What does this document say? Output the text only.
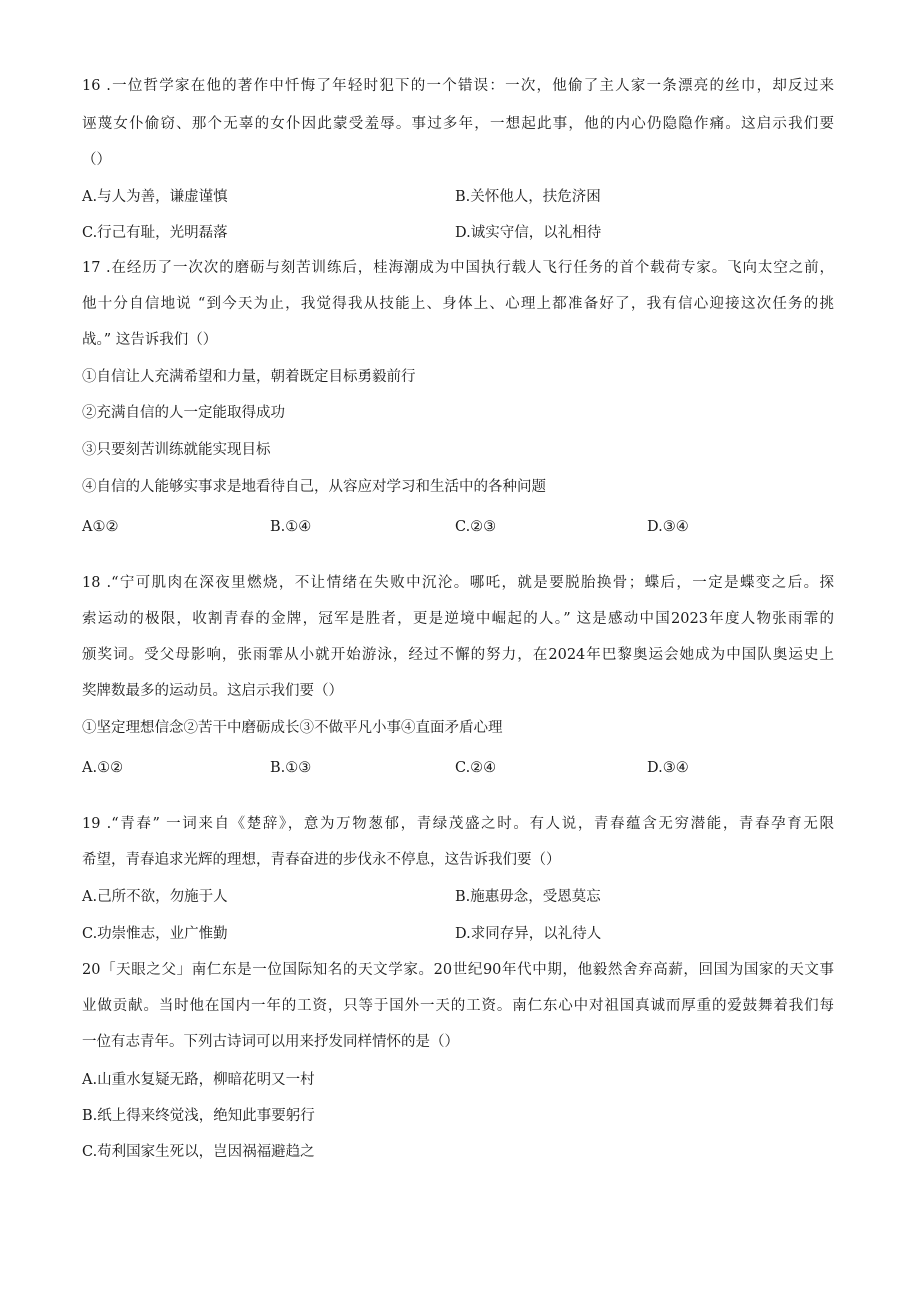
16 .一位哲学家在他的著作中忏悔了年轻时犯下的一个错误：一次，他偷了主人家一条漂亮的丝巾，却反过来
诬蔑女仆偷窃、那个无辜的女仆因此蒙受羞辱。事过多年，一想起此事，他的内心仍隐隐作痛。这启示我们要
（）
A.与人为善，谦虚谨慎	B.关怀他人，扶危济困
C.行己有耻，光明磊落	D.诚实守信，以礼相待
17 .在经历了一次次的磨砺与刻苦训练后，桂海潮成为中国执行载人飞行任务的首个载荷专家。飞向太空之前，
他十分自信地说 “到今天为止，我觉得我从技能上、身体上、心理上都准备好了，我有信心迎接这次任务的挑
战。” 这告诉我们（）
①自信让人充满希望和力量，朝着既定目标勇毅前行
②充满自信的人一定能取得成功
③只要刻苦训练就能实现目标
④自信的人能够实事求是地看待自己，从容应对学习和生活中的各种问题
A①②	B.①④	C.②③	D.③④
18 .“宁可肌肉在深夜里燃烧，不让情绪在失败中沉沦。哪吒，就是要脱胎换骨；蝶后，一定是蝶变之后。探
索运动的极限，收割青春的金牌，冠军是胜者，更是逆境中崛起的人。” 这是感动中国2023年度人物张雨霏的
颁奖词。受父母影响，张雨霏从小就开始游泳，经过不懈的努力，在2024年巴黎奥运会她成为中国队奥运史上
奖牌数最多的运动员。这启示我们要（）
①坚定理想信念②苦干中磨砺成长③不做平凡小事④直面矛盾心理
A.①②	B.①③	C.②④	D.③④
19 .“青春” 一词来自《楚辞》，意为万物葱郁，青绿茂盛之时。有人说，青春蕴含无穷潜能，青春孕育无限
希望，青春追求光辉的理想，青春奋进的步伐永不停息，这告诉我们要（）
A.己所不欲，勿施于人	B.施惠毋念，受恩莫忘
C.功崇惟志，业广惟勤	D.求同存异，以礼待人
20「天眼之父」南仁东是一位国际知名的天文学家。20世纪90年代中期，他毅然舍弃高薪，回国为国家的天文事
业做贡献。当时他在国内一年的工资，只等于国外一天的工资。南仁东心中对祖国真诚而厚重的爱鼓舞着我们每
一位有志青年。下列古诗词可以用来抒发同样情怀的是（）
A.山重水复疑无路，柳暗花明又一村
B.纸上得来终觉浅，绝知此事要躬行
C.苟利国家生死以，岂因祸福避趋之
